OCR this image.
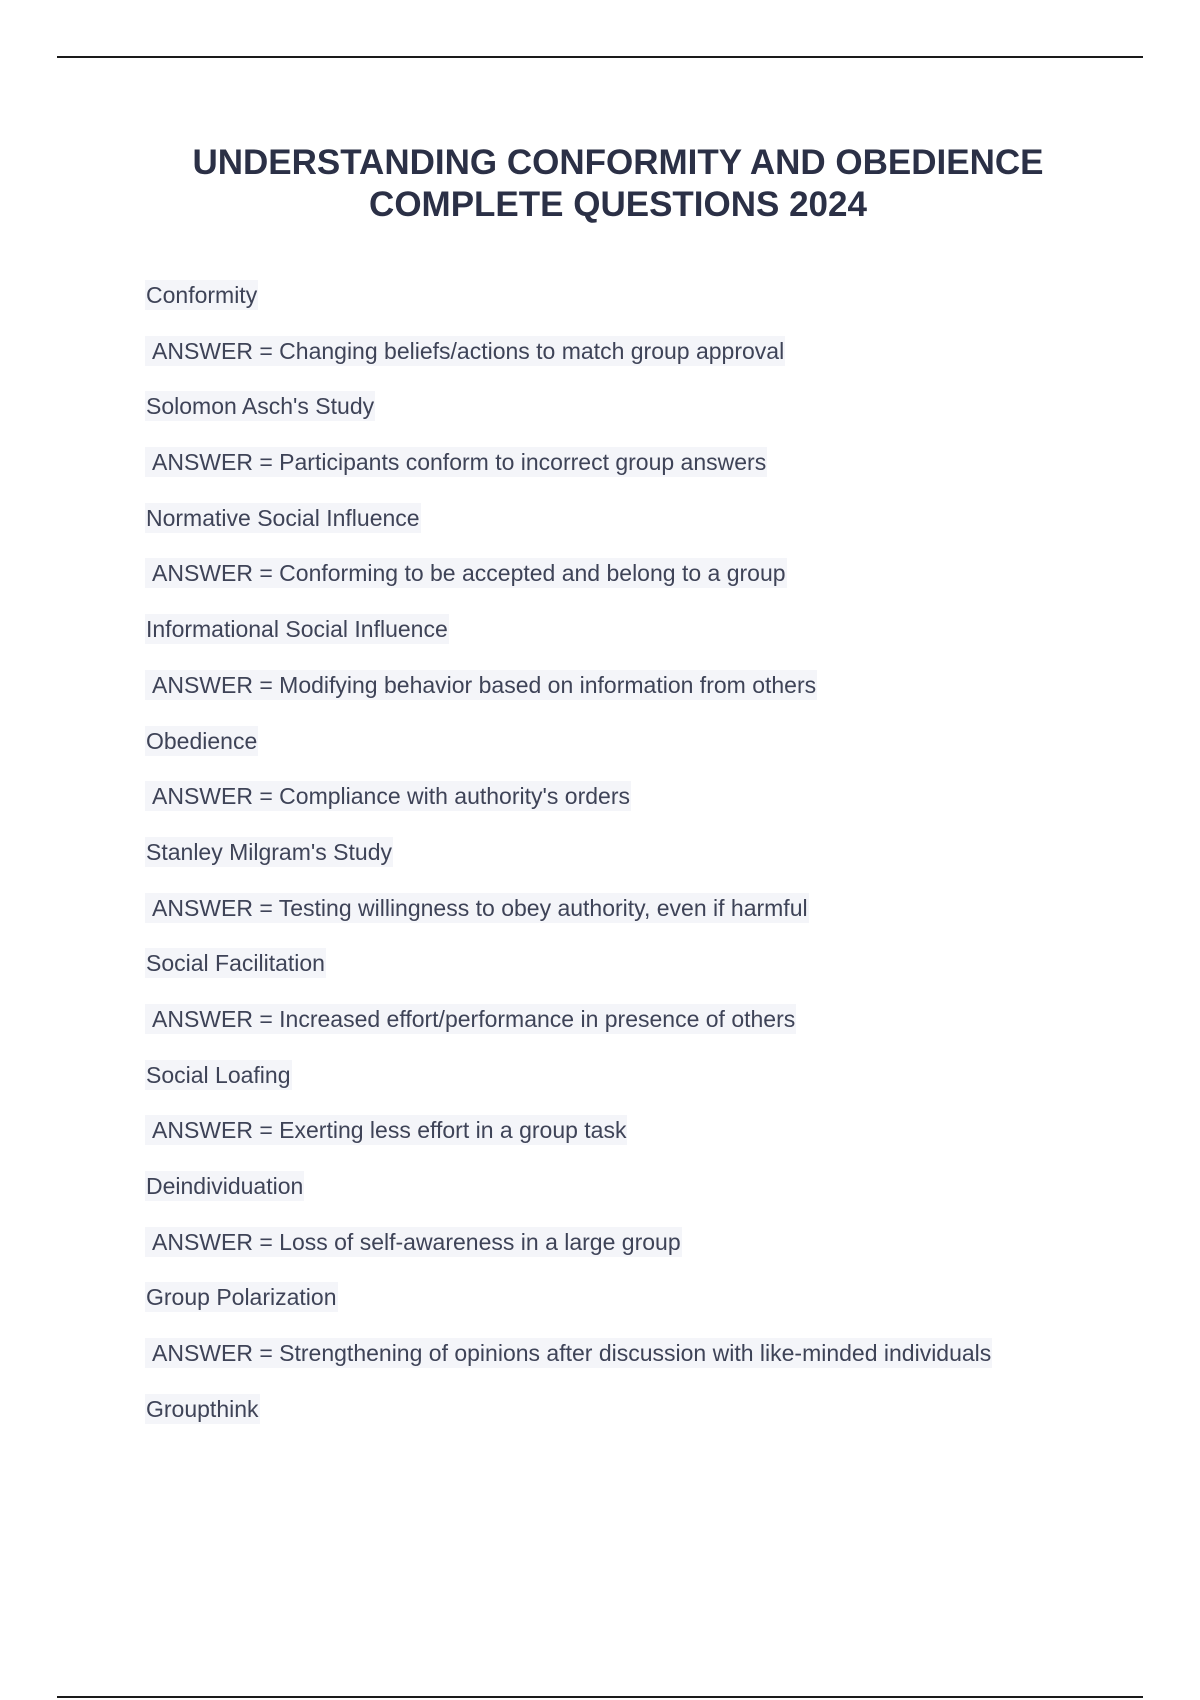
UNDERSTANDING CONFORMITY AND OBEDIENCE
COMPLETE QUESTIONS 2024
Conformity
ANSWER = Changing beliefs/actions to match group approval
Solomon Asch's Study
ANSWER = Participants conform to incorrect group answers
Normative Social Influence
ANSWER = Conforming to be accepted and belong to a group
Informational Social Influence
ANSWER = Modifying behavior based on information from others
Obedience
ANSWER = Compliance with authority's orders
Stanley Milgram's Study
ANSWER = Testing willingness to obey authority, even if harmful
Social Facilitation
ANSWER = Increased effort/performance in presence of others
Social Loafing
ANSWER = Exerting less effort in a group task
Deindividuation
ANSWER = Loss of self-awareness in a large group
Group Polarization
ANSWER = Strengthening of opinions after discussion with like-minded individuals
Groupthink
